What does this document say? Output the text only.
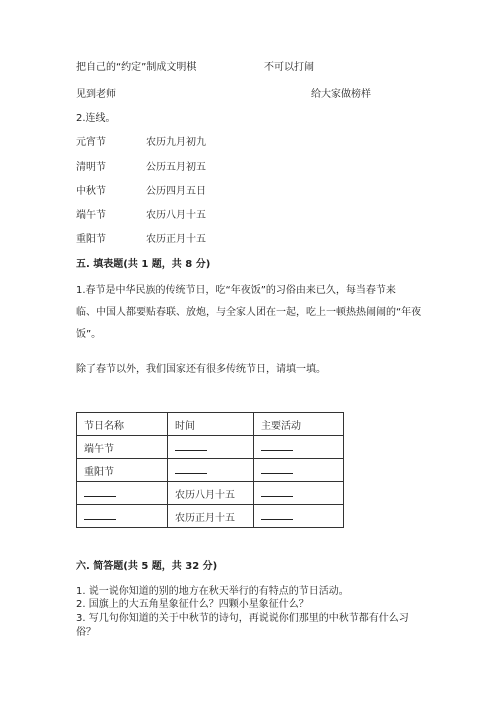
把自己的“约定”制成文明棋	不可以打闹
见到老师	给大家做榜样
2.连线。
元宵节	农历九月初九
清明节	公历五月初五
中秋节	公历四月五日
端午节	农历八月十五
重阳节	农历正月十五
五. 填表题(共 1 题，共 8 分)
1.春节是中华民族的传统节日，吃“年夜饭”的习俗由来已久，每当春节来
临、中国人都要贴春联、放炮，与全家人团在一起，吃上一顿热热闹闹的“年夜
饭”。
除了春节以外，我们国家还有很多传统节日，请填一填。
节日名称	时间	主要活动
端午节		
重阳节		
	农历八月十五	
	农历正月十五	
六. 简答题(共 5 题，共 32 分)
1. 说一说你知道的别的地方在秋天举行的有特点的节日活动。
2. 国旗上的大五角星象征什么？四颗小星象征什么？
3. 写几句你知道的关于中秋节的诗句，再说说你们那里的中秋节都有什么习
俗？
